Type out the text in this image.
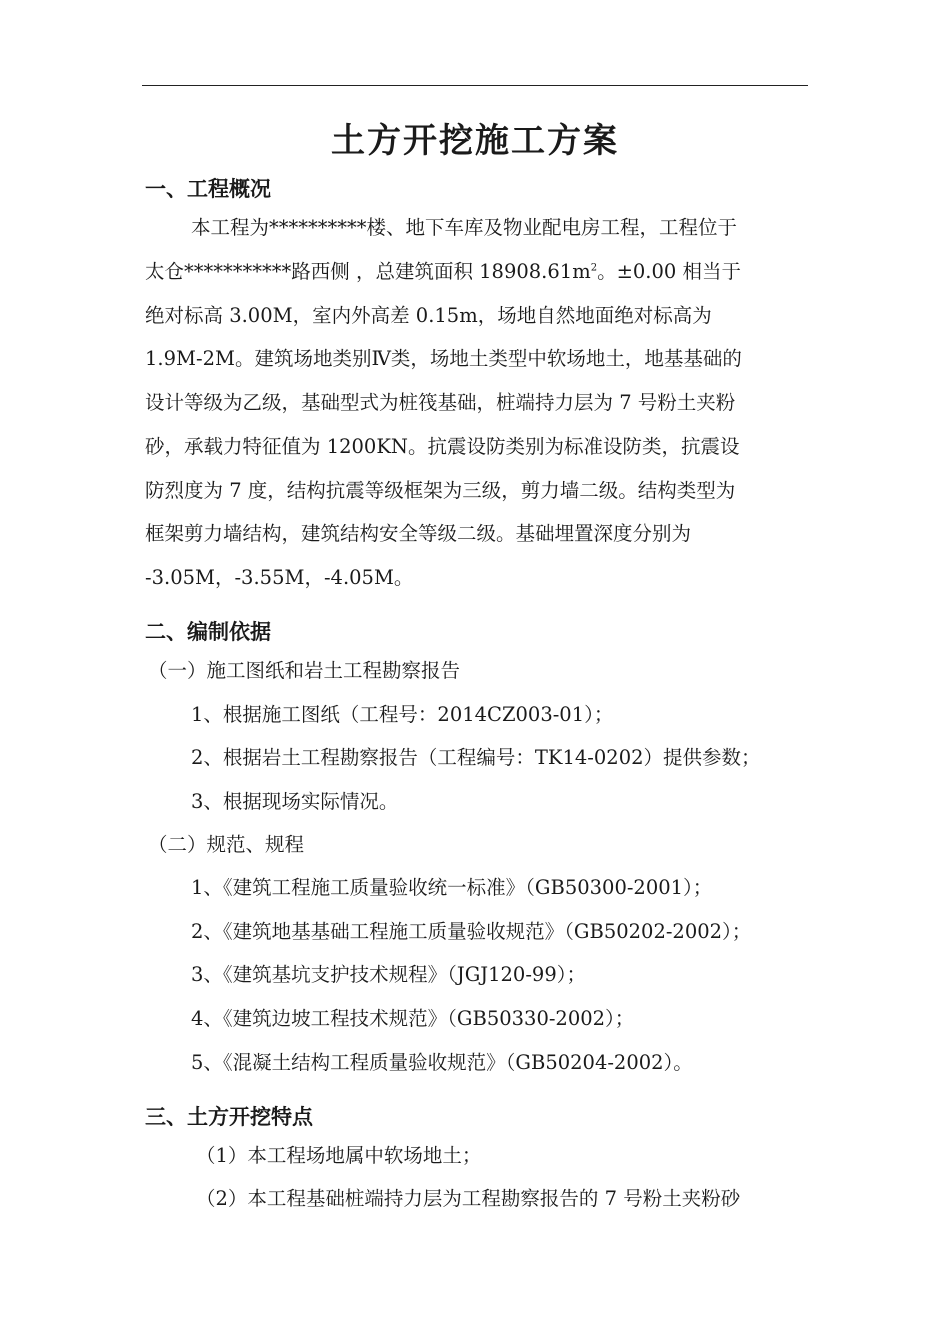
土方开挖施工方案
一、工程概况
本工程为**********楼、地下车库及物业配电房工程，工程位于
太仓***********路西侧 ，总建筑面积 $18908.61m^2$。±0.00 相当于
绝对标高 3.00M，室内外高差 0.15m，场地自然地面绝对标高为
1.9M-2M。建筑场地类别Ⅳ类，场地土类型中软场地土，地基基础的
设计等级为乙级，基础型式为桩筏基础，桩端持力层为 7 号粉土夹粉
砂，承载力特征值为 1200KN。抗震设防类别为标准设防类，抗震设
防烈度为 7 度，结构抗震等级框架为三级，剪力墙二级。结构类型为
框架剪力墙结构，建筑结构安全等级二级。基础埋置深度分别为
-3.05M，-3.55M，-4.05M。
二、编制依据
（一）施工图纸和岩土工程勘察报告
1、根据施工图纸（工程号：2014CZ003-01）；
2、根据岩土工程勘察报告（工程编号：TK14-0202）提供参数；
3、根据现场实际情况。
（二）规范、规程
1、《建筑工程施工质量验收统一标准》（GB50300-2001）；
2、《建筑地基基础工程施工质量验收规范》（GB50202-2002）；
3、《建筑基坑支护技术规程》（JGJ120-99）；
4、《建筑边坡工程技术规范》（GB50330-2002）；
5、《混凝土结构工程质量验收规范》（GB50204-2002）。
三、土方开挖特点
（1）本工程场地属中软场地土；
（2）本工程基础桩端持力层为工程勘察报告的 7 号粉土夹粉砂
